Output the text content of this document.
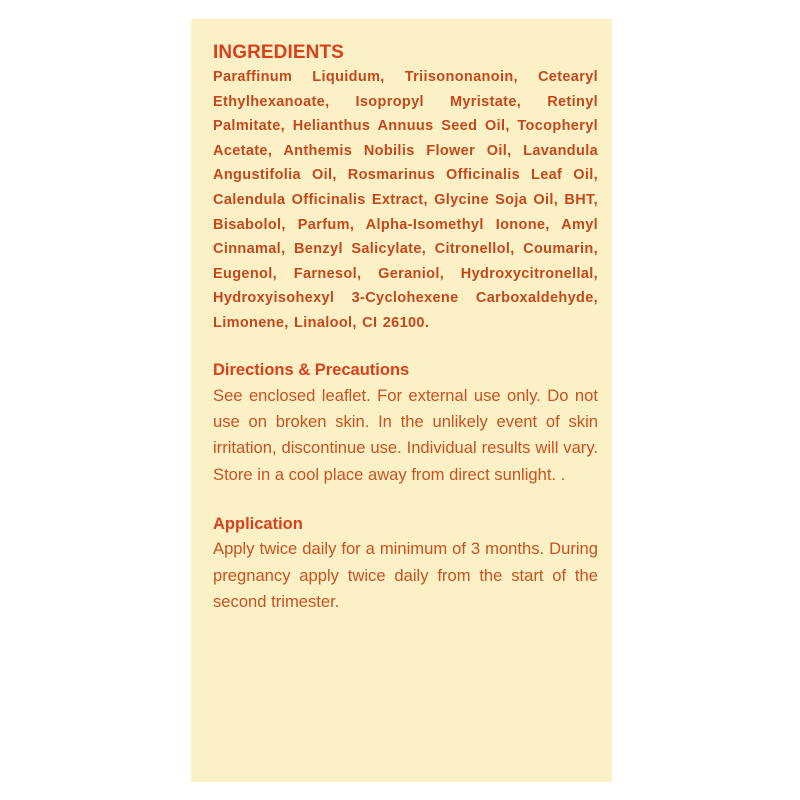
INGREDIENTS

Paraffinum Liquidum, Triisononanoin, Cetearyl Ethylhexanoate, Isopropyl Myristate, Retinyl Palmitate, Helianthus Annuus Seed Oil, Tocopheryl Acetate, Anthemis Nobilis Flower Oil, Lavandula Angustifolia Oil, Rosmarinus Officinalis Leaf Oil, Calendula Officinalis Extract, Glycine Soja Oil, BHT, Bisabolol, Parfum, Alpha-Isomethyl Ionone, Amyl Cinnamal, Benzyl Salicylate, Citronellol, Coumarin, Eugenol, Farnesol, Geraniol, Hydroxycitronellal, Hydroxyisohexyl 3-Cyclohexene Carboxaldehyde, Limonene, Linalool, CI 26100.

Directions & Precautions

See enclosed leaflet. For external use only. Do not use on broken skin. In the unlikely event of skin irritation, discontinue use. Individual results will vary. Store in a cool place away from direct sunlight. .

Application

Apply twice daily for a minimum of 3 months. During pregnancy apply twice daily from the start of the second trimester.
